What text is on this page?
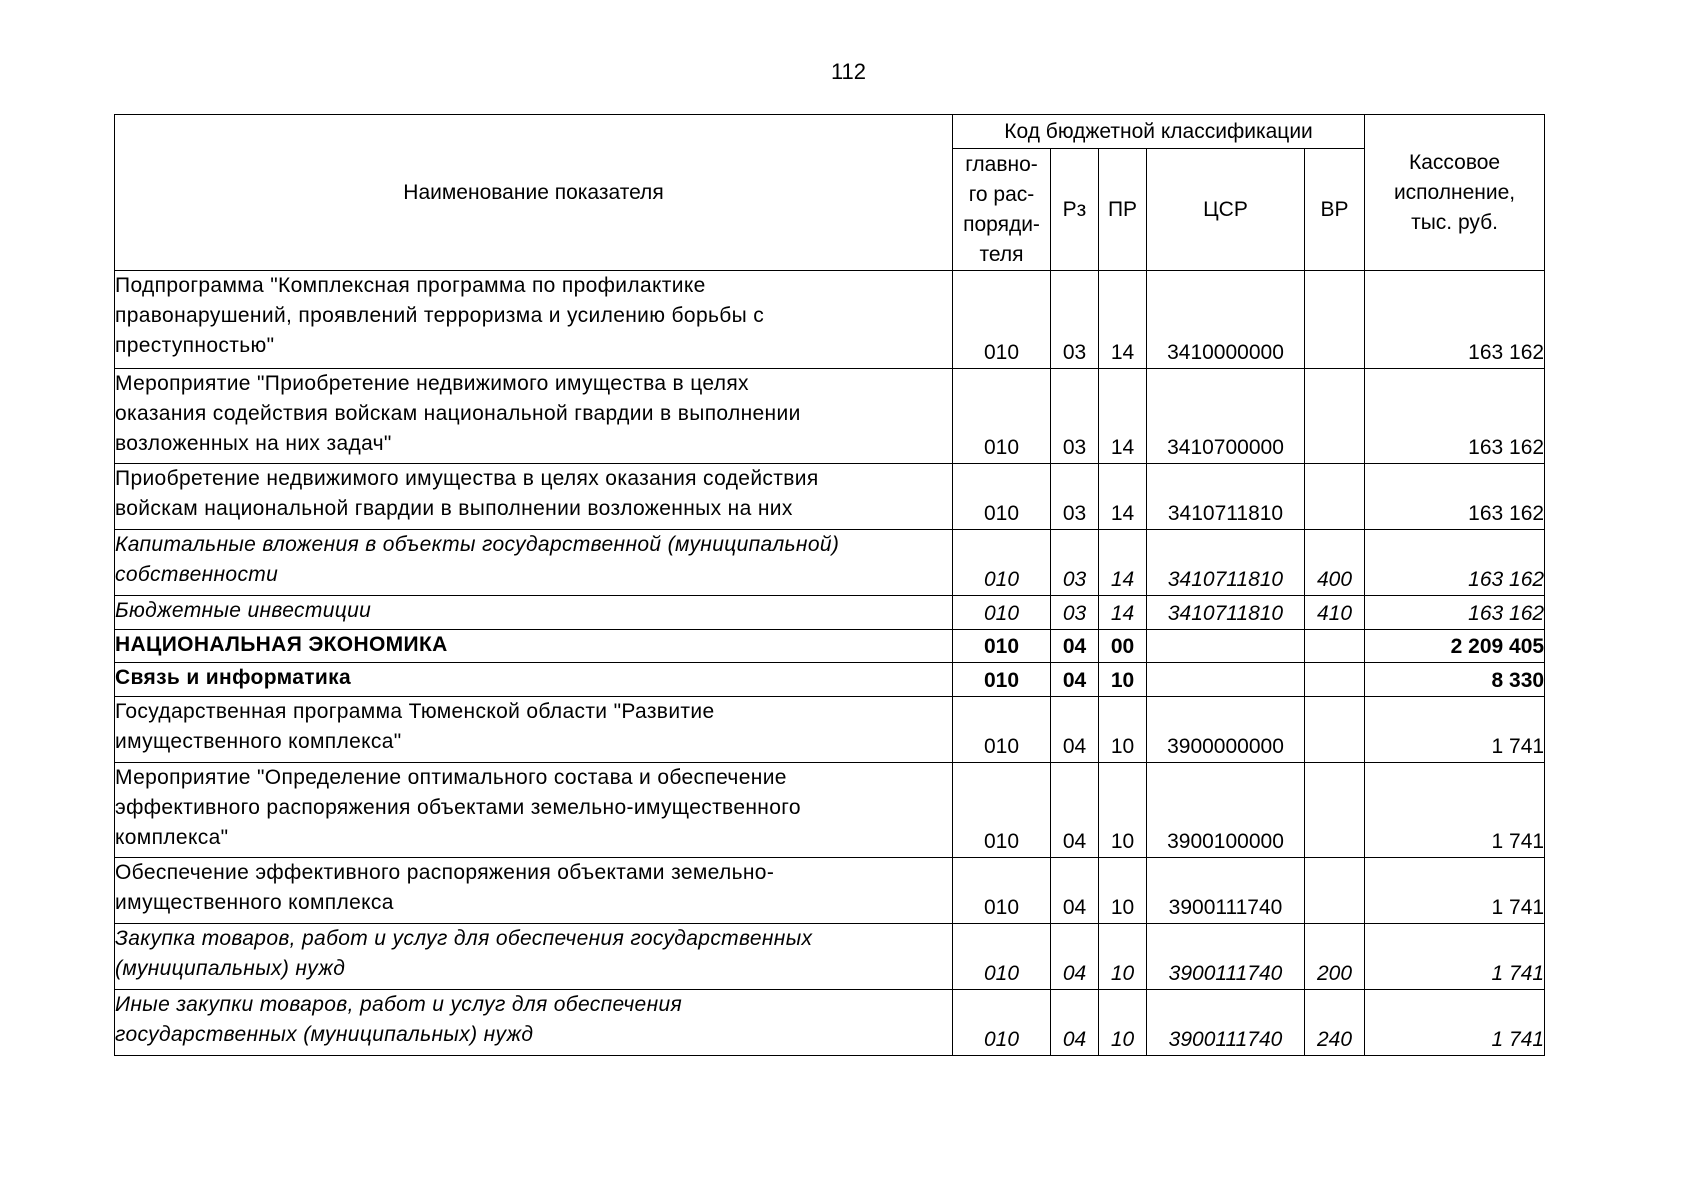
112
Наименование показателя	Код бюджетной классификации					Кассовое
исполнение,
тыс. руб.

	главно-
го рас-
поряди-
теля	Рз	ПР	ЦСР	ВР	

Подпрограмма "Комплексная программа по профилактике
правонарушений, проявлений терроризма и усилению борьбы с
преступностью"	010	03	14	3410000000		163 162

Мероприятие "Приобретение недвижимого имущества в целях
оказания содействия войскам национальной гвардии в выполнении
возложенных на них задач"	010	03	14	3410700000		163 162

Приобретение недвижимого имущества в целях оказания содействия
войскам национальной гвардии в выполнении возложенных на них	010	03	14	3410711810		163 162

Капитальные вложения в объекты государственной (муниципальной)
собственности	010	03	14	3410711810	400	163 162

Бюджетные инвестиции	010	03	14	3410711810	410	163 162

НАЦИОНАЛЬНАЯ ЭКОНОМИКА	010	04	00			2 209 405

Связь и информатика	010	04	10			8 330

Государственная программа Тюменской области "Развитие
имущественного комплекса"	010	04	10	3900000000		1 741

Мероприятие "Определение оптимального состава и обеспечение
эффективного распоряжения объектами земельно-имущественного
комплекса"	010	04	10	3900100000		1 741

Обеспечение эффективного распоряжения объектами земельно-
имущественного комплекса	010	04	10	3900111740		1 741

Закупка товаров, работ и услуг для обеспечения государственных
(муниципальных) нужд	010	04	10	3900111740	200	1 741

Иные закупки товаров, работ и услуг для обеспечения
государственных (муниципальных) нужд	010	04	10	3900111740	240	1 741
